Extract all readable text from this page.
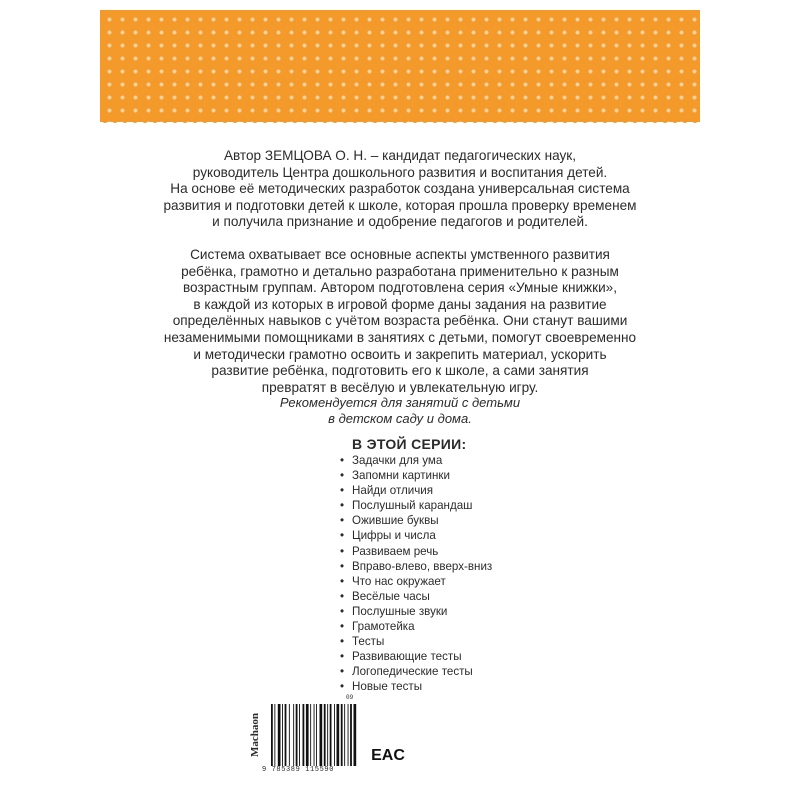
Автор ЗЕМЦОВА О. Н. – кандидат педагогических наук,
руководитель Центра дошкольного развития и воспитания детей.
На основе её методических разработок создана универсальная система
развития и подготовки детей к школе, которая прошла проверку временем
и получила признание и одобрение педагогов и родителей.

Система охватывает все основные аспекты умственного развития
ребёнка, грамотно и детально разработана применительно к разным
возрастным группам. Автором подготовлена серия «Умные книжки»,
в каждой из которых в игровой форме даны задания на развитие
определённых навыков с учётом возраста ребёнка. Они станут вашими
незаменимыми помощниками в занятиях с детьми, помогут своевременно
и методически грамотно освоить и закрепить материал, ускорить
развитие ребёнка, подготовить его к школе, а сами занятия
превратят в весёлую и увлекательную игру.

Рекомендуется для занятий с детьми
в детском саду и дома.
В ЭТОЙ СЕРИИ:
• Задачки для ума
• Запомни картинки
• Найди отличия
• Послушный карандаш
• Ожившие буквы
• Цифры и числа
• Развиваем речь
• Вправо-влево, вверх-вниз
• Что нас окружает
• Весёлые часы
• Послушные звуки
• Грамотейка
• Тесты
• Развивающие тесты
• Логопедические тесты
• Новые тесты
Machaon
9 785389 115590
09
EAC
